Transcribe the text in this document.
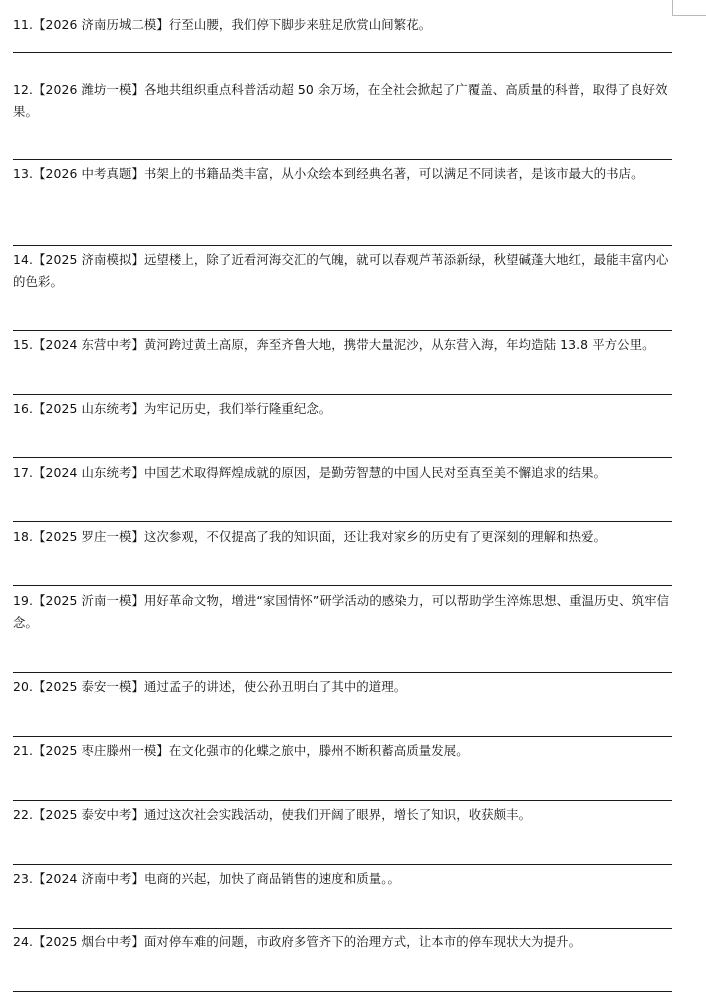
11.【2026 济南历城二模】行至山腰，我们停下脚步来驻足欣赏山间繁花。
12.【2026 潍坊一模】各地共组织重点科普活动超 50 余万场，在全社会掀起了广覆盖、高质量的科普，取得了良好效果。
13.【2026 中考真题】书架上的书籍品类丰富，从小众绘本到经典名著，可以满足不同读者，是该市最大的书店。
14.【2025 济南模拟】远望楼上，除了近看河海交汇的气魄，就可以春观芦苇添新绿，秋望碱蓬大地红，最能丰富内心的色彩。
15.【2024 东营中考】黄河跨过黄土高原，奔至齐鲁大地，携带大量泥沙，从东营入海，年均造陆 13.8 平方公里。
16.【2025 山东统考】为牢记历史，我们举行隆重纪念。
17.【2024 山东统考】中国艺术取得辉煌成就的原因，是勤劳智慧的中国人民对至真至美不懈追求的结果。
18.【2025 罗庄一模】这次参观，不仅提高了我的知识面，还让我对家乡的历史有了更深刻的理解和热爱。
19.【2025 沂南一模】用好革命文物，增进“家国情怀”研学活动的感染力，可以帮助学生淬炼思想、重温历史、筑牢信念。
20.【2025 泰安一模】通过孟子的讲述，使公孙丑明白了其中的道理。
21.【2025 枣庄滕州一模】在文化强市的化蝶之旅中，滕州不断积蓄高质量发展。
22.【2025 泰安中考】通过这次社会实践活动，使我们开阔了眼界，增长了知识，收获颇丰。
23.【2024 济南中考】电商的兴起，加快了商品销售的速度和质量。。
24.【2025 烟台中考】面对停车难的问题，市政府多管齐下的治理方式，让本市的停车现状大为提升。
